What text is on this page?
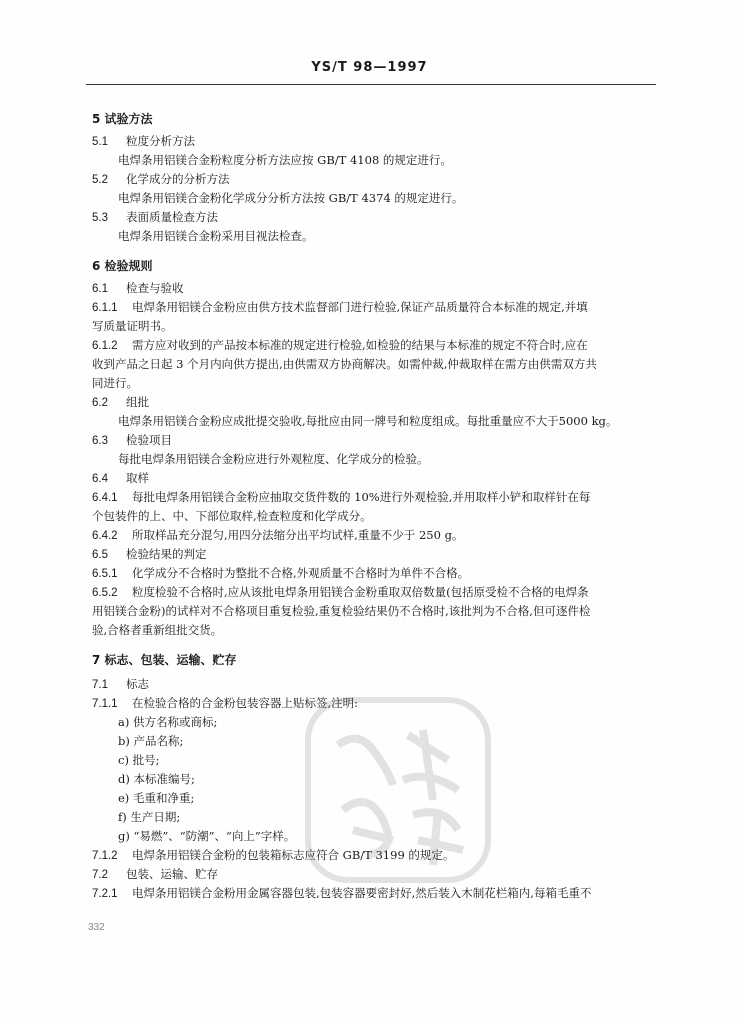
YS/T 98—1997
5 试验方法
5.1 粒度分析方法
电焊条用铝镁合金粉粒度分析方法应按 GB/T 4108 的规定进行。
5.2 化学成分的分析方法
电焊条用铝镁合金粉化学成分分析方法按 GB/T 4374 的规定进行。
5.3 表面质量检查方法
电焊条用铝镁合金粉采用目视法检查。
6 检验规则
6.1 检查与验收
6.1.1 电焊条用铝镁合金粉应由供方技术监督部门进行检验,保证产品质量符合本标准的规定,并填
写质量证明书。
6.1.2 需方应对收到的产品按本标准的规定进行检验,如检验的结果与本标准的规定不符合时,应在
收到产品之日起 3 个月内向供方提出,由供需双方协商解决。如需仲裁,仲裁取样在需方由供需双方共
同进行。
6.2 组批
电焊条用铝镁合金粉应成批提交验收,每批应由同一牌号和粒度组成。每批重量应不大于5000 kg。
6.3 检验项目
每批电焊条用铝镁合金粉应进行外观粒度、化学成分的检验。
6.4 取样
6.4.1 每批电焊条用铝镁合金粉应抽取交货件数的 10%进行外观检验,并用取样小铲和取样针在每
个包装件的上、中、下部位取样,检查粒度和化学成分。
6.4.2 所取样品充分混匀,用四分法缩分出平均试样,重量不少于 250 g。
6.5 检验结果的判定
6.5.1 化学成分不合格时为整批不合格,外观质量不合格时为单件不合格。
6.5.2 粒度检验不合格时,应从该批电焊条用铝镁合金粉重取双倍数量(包括原受检不合格的电焊条
用铝镁合金粉)的试样对不合格项目重复检验,重复检验结果仍不合格时,该批判为不合格,但可逐件检
验,合格者重新组批交货。
7 标志、包装、运输、贮存
7.1 标志
7.1.1 在检验合格的合金粉包装容器上贴标签,注明:
a) 供方名称或商标;
b) 产品名称;
c) 批号;
d) 本标准编号;
e) 毛重和净重;
f) 生产日期;
g) “易燃”、“防潮”、“向上”字样。
7.1.2 电焊条用铝镁合金粉的包装箱标志应符合 GB/T 3199 的规定。
7.2 包装、运输、贮存
7.2.1 电焊条用铝镁合金粉用金属容器包装,包装容器要密封好,然后装入木制花栏箱内,每箱毛重不
332
